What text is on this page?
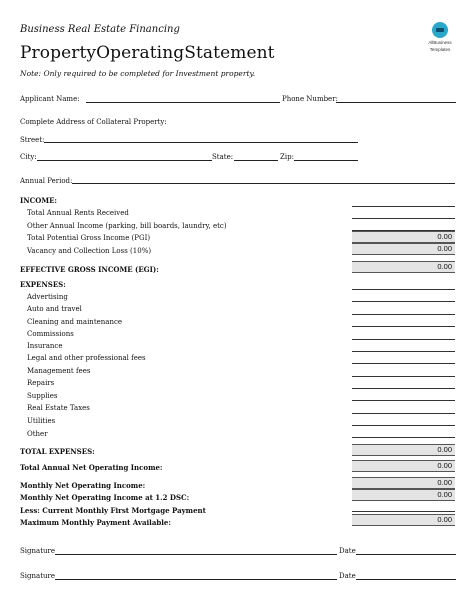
Business Real Estate Financing
PropertyOperatingStatement
Note: Only required to be completed for Investment property.
AllBusiness
Templates
Applicant Name:	Phone Number:
Complete Address of Collateral Property:
Street:
City:	State:	Zip:
Annual Period:
INCOME:
Total Annual Rents Received
Other Annual Income (parking, bill boards, laundry, etc)
Total Potential Gross Income (PGI)	0.00
Vacancy and Collection Loss (10%)	0.00
EFFECTIVE GROSS INCOME (EGI):	0.00
EXPENSES:
Advertising
Auto and travel
Cleaning and maintenance
Commissions
Insurance
Legal and other professional fees
Management fees
Repairs
Supplies
Real Estate Taxes
Utilities
Other
TOTAL EXPENSES:	0.00
Total Annual Net Operating Income:	0.00
Monthly Net Operating Income:	0.00
Monthly Net Operating Income at 1.2 DSC:	0.00
Less: Current Monthly First Mortgage Payment
Maximum Monthly Payment Available:	0.00
Signature	Date
Signature	Date
